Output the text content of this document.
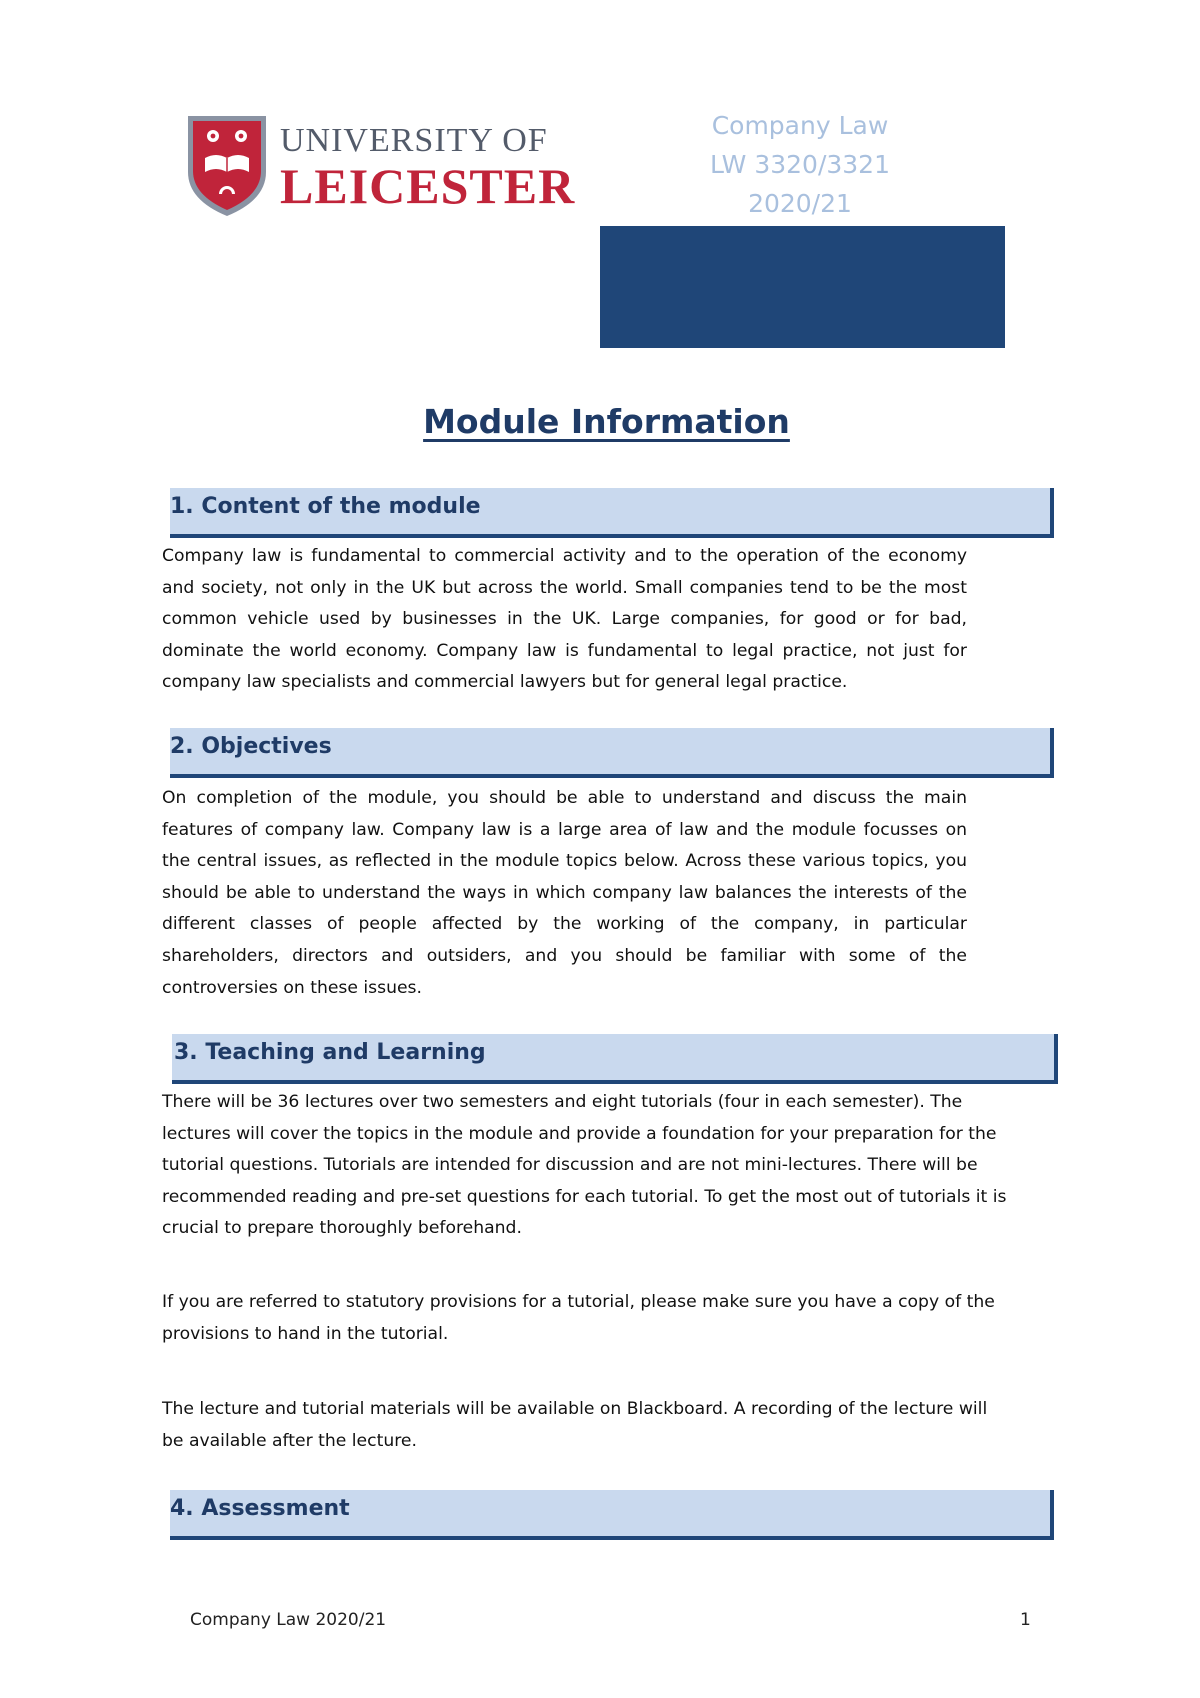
UNIVERSITY OF
LEICESTER
Company Law
LW 3320/3321
2020/21
Module Information
1. Content of the module
Company law is fundamental to commercial activity and to the operation of the economy and society, not only in the UK but across the world. Small companies tend to be the most common vehicle used by businesses in the UK. Large companies, for good or for bad, dominate the world economy. Company law is fundamental to legal practice, not just for company law specialists and commercial lawyers but for general legal practice.
2. Objectives
On completion of the module, you should be able to understand and discuss the main features of company law. Company law is a large area of law and the module focusses on the central issues, as reflected in the module topics below. Across these various topics, you should be able to understand the ways in which company law balances the interests of the different classes of people affected by the working of the company, in particular shareholders, directors and outsiders, and you should be familiar with some of the controversies on these issues.
3. Teaching and Learning
There will be 36 lectures over two semesters and eight tutorials (four in each semester). The lectures will cover the topics in the module and provide a foundation for your preparation for the tutorial questions. Tutorials are intended for discussion and are not mini-lectures. There will be recommended reading and pre-set questions for each tutorial. To get the most out of tutorials it is crucial to prepare thoroughly beforehand.
If you are referred to statutory provisions for a tutorial, please make sure you have a copy of the provisions to hand in the tutorial.
The lecture and tutorial materials will be available on Blackboard. A recording of the lecture will be available after the lecture.
4. Assessment
Company Law 2020/21	1
